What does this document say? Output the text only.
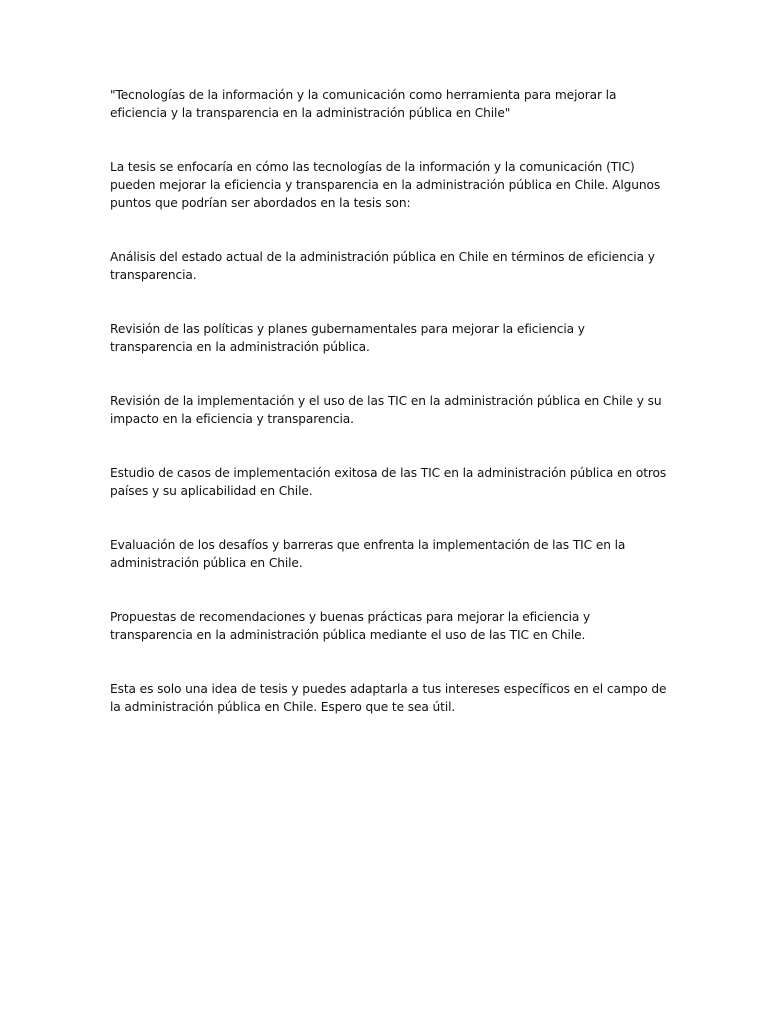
"Tecnologías de la información y la comunicación como herramienta para mejorar la eficiencia y la transparencia en la administración pública en Chile"

La tesis se enfocaría en cómo las tecnologías de la información y la comunicación (TIC) pueden mejorar la eficiencia y transparencia en la administración pública en Chile. Algunos puntos que podrían ser abordados en la tesis son:

Análisis del estado actual de la administración pública en Chile en términos de eficiencia y transparencia.

Revisión de las políticas y planes gubernamentales para mejorar la eficiencia y transparencia en la administración pública.

Revisión de la implementación y el uso de las TIC en la administración pública en Chile y su impacto en la eficiencia y transparencia.

Estudio de casos de implementación exitosa de las TIC en la administración pública en otros países y su aplicabilidad en Chile.

Evaluación de los desafíos y barreras que enfrenta la implementación de las TIC en la administración pública en Chile.

Propuestas de recomendaciones y buenas prácticas para mejorar la eficiencia y transparencia en la administración pública mediante el uso de las TIC en Chile.

Esta es solo una idea de tesis y puedes adaptarla a tus intereses específicos en el campo de la administración pública en Chile. Espero que te sea útil.
